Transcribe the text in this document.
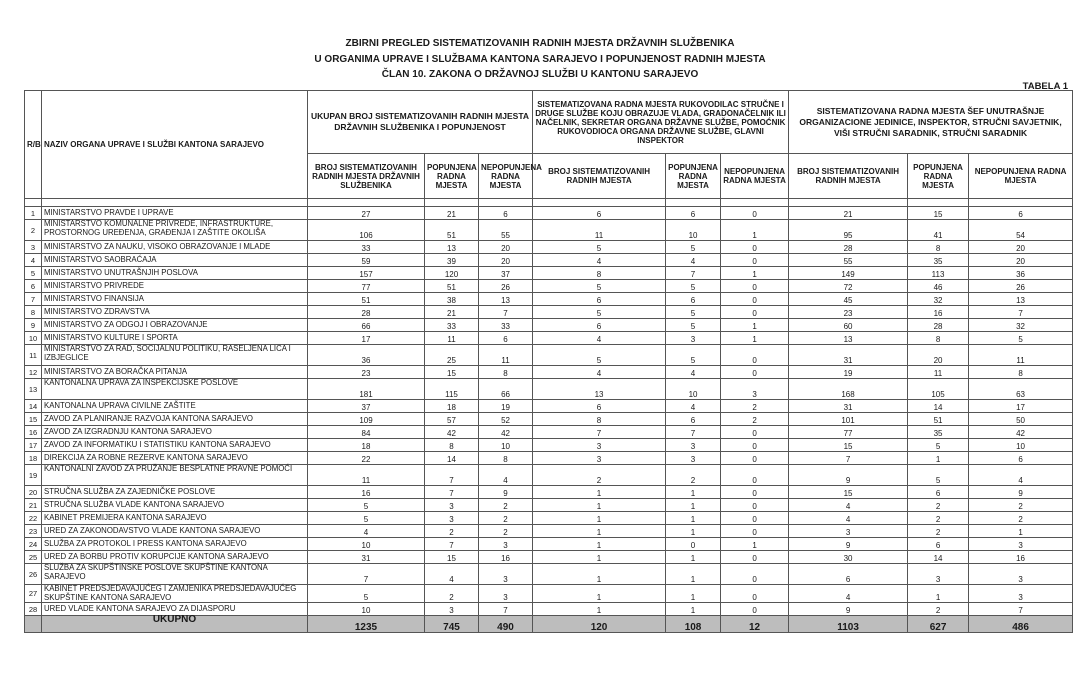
ZBIRNI PREGLED SISTEMATIZOVANIH RADNIH MJESTA DRŽAVNIH SLUŽBENIKA
U ORGANIMA UPRAVE I SLUŽBAMA KANTONA SARAJEVO I POPUNJENOST RADNIH MJESTA
ČLAN 10. ZAKONA O DRŽAVNOJ SLUŽBI U KANTONU SARAJEVO
TABELA 1
R/B	NAZIV ORGANA UPRAVE I SLUŽBI KANTONA SARAJEVO	UKUPAN BROJ SISTEMATIZOVANIH RADNIH MJESTA DRŽAVNIH SLUŽBENIKA I POPUNJENOST			SISTEMATIZOVANA RADNA MJESTA RUKOVODILAC STRUČNE I DRUGE SLUŽBE KOJU OBRAZUJE VLADA, GRADONAČELNIK ILI NAČELNIK, SEKRETAR ORGANA DRŽAVNE SLUŽBE, POMOĆNIK RUKOVODIOCA ORGANA DRŽAVNE SLUŽBE, GLAVNI INSPEKTOR			SISTEMATIZOVANA RADNA MJESTA ŠEF UNUTRAŠNJE ORGANIZACIONE JEDINICE, INSPEKTOR, STRUČNI SAVJETNIK, VIŠI STRUČNI SARADNIK, STRUČNI SARADNIK		
		BROJ SISTEMATIZOVANIH RADNIH MJESTA DRŽAVNIH SLUŽBENIKA	POPUNJENA RADNA MJESTA	NEPOPUNJENA RADNA MJESTA	BROJ SISTEMATIZOVANIH RADNIH MJESTA	POPUNJENA RADNA MJESTA	NEPOPUNJENA RADNA MJESTA	BROJ SISTEMATIZOVANIH RADNIH MJESTA	POPUNJENA RADNA MJESTA	NEPOPUNJENA RADNA MJESTA

1	MINISTARSTVO PRAVDE I UPRAVE	27	21	6	6	6	0	21	15	6
2	MINISTARSTVO KOMUNALNE PRIVREDE, INFRASTRUKTURE, PROSTORNOG UREĐENJA, GRAĐENJA I ZAŠTITE OKOLIŠA	106	51	55	11	10	1	95	41	54
3	MINISTARSTVO ZA NAUKU, VISOKO OBRAZOVANJE I MLADE	33	13	20	5	5	0	28	8	20
4	MINISTARSTVO SAOBRAĆAJA	59	39	20	4	4	0	55	35	20
5	MINISTARSTVO UNUTRAŠNJIH POSLOVA	157	120	37	8	7	1	149	113	36
6	MINISTARSTVO PRIVREDE	77	51	26	5	5	0	72	46	26
7	MINISTARSTVO FINANSIJA	51	38	13	6	6	0	45	32	13
8	MINISTARSTVO ZDRAVSTVA	28	21	7	5	5	0	23	16	7
9	MINISTARSTVO ZA ODGOJ I OBRAZOVANJE	66	33	33	6	5	1	60	28	32
10	MINISTARSTVO KULTURE I SPORTA	17	11	6	4	3	1	13	8	5
11	MINISTARSTVO ZA RAD, SOCIJALNU POLITIKU, RASELJENA LICA I IZBJEGLICE	36	25	11	5	5	0	31	20	11
12	MINISTARSTVO ZA BORAČKA PITANJA	23	15	8	4	4	0	19	11	8
13	KANTONALNA UPRAVA ZA INSPEKCIJSKE POSLOVE	181	115	66	13	10	3	168	105	63
14	KANTONALNA UPRAVA CIVILNE ZAŠTITE	37	18	19	6	4	2	31	14	17
15	ZAVOD ZA PLANIRANJE RAZVOJA KANTONA SARAJEVO	109	57	52	8	6	2	101	51	50
16	ZAVOD ZA IZGRADNJU KANTONA SARAJEVO	84	42	42	7	7	0	77	35	42
17	ZAVOD ZA INFORMATIKU I STATISTIKU KANTONA SARAJEVO	18	8	10	3	3	0	15	5	10
18	DIREKCIJA ZA ROBNE REZERVE KANTONA SARAJEVO	22	14	8	3	3	0	7	1	6
19	KANTONALNI ZAVOD ZA PRUŽANJE BESPLATNE PRAVNE POMOĆI	11	7	4	2	2	0	9	5	4
20	STRUČNA SLUŽBA ZA ZAJEDNIČKE POSLOVE	16	7	9	1	1	0	15	6	9
21	STRUČNA SLUŽBA VLADE KANTONA SARAJEVO	5	3	2	1	1	0	4	2	2
22	KABINET PREMIJERA KANTONA SARAJEVO	5	3	2	1	1	0	4	2	2
23	URED ZA ZAKONODAVSTVO VLADE KANTONA SARAJEVO	4	2	2	1	1	0	3	2	1
24	SLUŽBA ZA PROTOKOL I PRESS KANTONA SARAJEVO	10	7	3	1	0	1	9	6	3
25	URED ZA BORBU PROTIV KORUPCIJE KANTONA SARAJEVO	31	15	16	1	1	0	30	14	16
26	SLUŽBA ZA SKUPŠTINSKE POSLOVE SKUPŠTINE KANTONA SARAJEVO	7	4	3	1	1	0	6	3	3
27	KABINET PREDSJEDAVAJUĆEG I ZAMJENIKA PREDSJEDAVAJUĆEG SKUPŠTINE KANTONA SARAJEVO	5	2	3	1	1	0	4	1	3
28	URED VLADE KANTONA SARAJEVO ZA DIJASPORU	10	3	7	1	1	0	9	2	7
	UKUPNO	1235	745	490	120	108	12	1103	627	486
